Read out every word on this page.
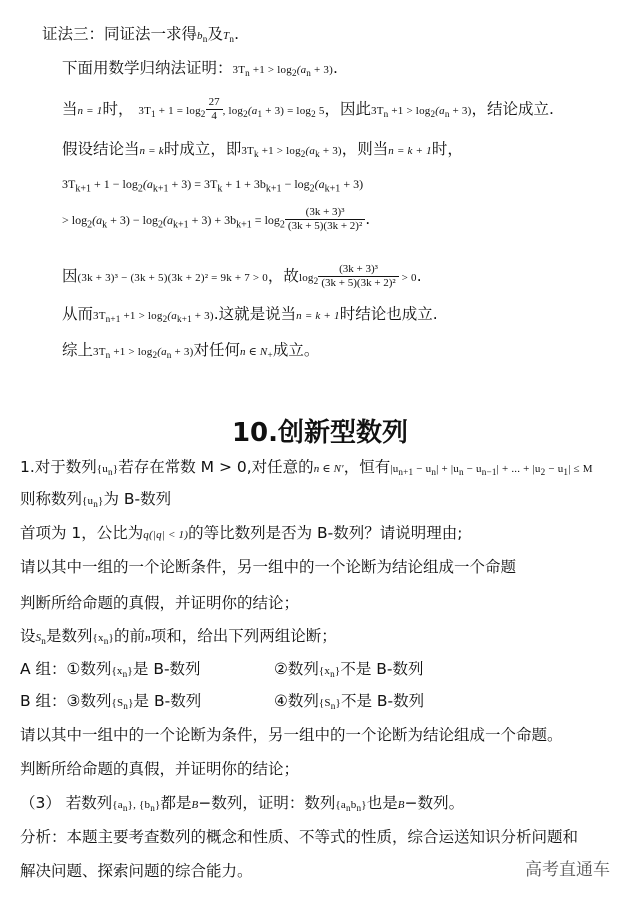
证法三：同证法一求得$b_n$及$T_n$.
下面用数学归纳法证明：$3T_n +1 > \log_2(a_n + 3)$.
当n = 1时， $3T_1 + 1 = \log_2 \frac{27}{4}$ , $\log_2(a_1 + 3) = \log_2 5$，因此$3T_n +1 > \log_2(a_n + 3)$，结论成立.
假设结论当n = k时成立，即$3T_k +1 > \log_2(a_k + 3)$，则当n = k + 1时，
$3T_{k+1} + 1 - \log_2(a_{k+1} + 3) = 3T_k + 1 + 3b_{k+1} - \log_2(a_{k+1} + 3)$
> $\log_2(a_k + 3) - \log_2(a_{k+1} + 3) + 3b_{k+1} = \log_2 \frac{\text{(3k + 3)³}}{\text{(3k + 5)(3k + 2)²}}$ .
因(3k + 3)³ − (3k + 5)(3k + 2)² = 9k + 7 > 0，故$\log_2 \frac{\text{(3k + 3)³}}{\text{(3k + 5)(3k + 2)²}} > 0$.
从而$3T_{n+1} +1 > \log_2(a_{k+1} + 3)$.这就是说当n = k + 1时结论也成立.
综上$3T_n +1 > \log_2(a_n + 3)$对任何n ∈ $N_+$成立。
10.创新型数列
1.对于数列$\{u_n\}$若存在常数 M > 0,对任意的n ∈ N′，恒有$|u_{n+1} - u_n| + |u_n - u_{n-1}|$ + ... + $|u_2 - u_1| \le M$
则称数列$\{u_n\}$为 B-数列
首项为 1，公比为q(|q| < 1)的等比数列是否为 B-数列？请说明理由;
请以其中一组的一个论断条件，另一组中的一个论断为结论组成一个命题
判断所给命题的真假，并证明你的结论；
设$S_n$是数列$\{x_n\}$的前n项和，给出下列两组论断；
A 组：①数列$\{x_n\}$是 B-数列	②数列$\{x_n\}$不是 B-数列
B 组：③数列$\{S_n\}$是 B-数列	④数列$\{S_n\}$不是 B-数列
请以其中一组中的一个论断为条件，另一组中的一个论断为结论组成一个命题。
判断所给命题的真假，并证明你的结论；
（3） 若数列$\{a_n\}$, $\{b_n\}$都是B−数列，证明：数列$\{a_nb_n\}$也是B−数列。
分析：本题主要考查数列的概念和性质、不等式的性质，综合运送知识分析问题和
解决问题、探索问题的综合能力。	高考直通车
